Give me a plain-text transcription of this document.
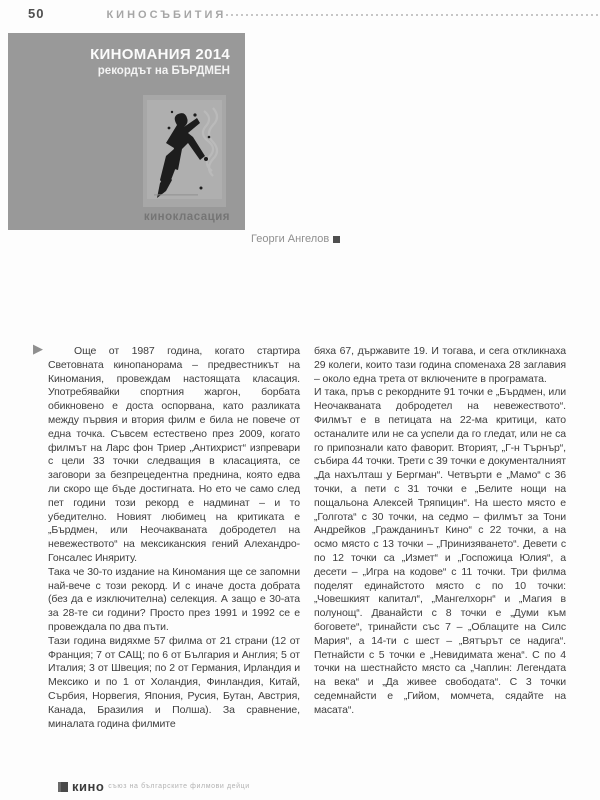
50	КИНОСЪБИТИЯ
КИНОМАНИЯ 2014
рекордът на БЪРДМЕН
кинокласация
Георги Ангелов
▶	Още от 1987 година, когато стартира Световната кинопанорама – предвестникът на Киномания, провеждам настоящата класация. Употребявайки спортния жаргон, борбата обикновено е доста оспорвана, като разликата между първия и втория филм е била не повече от една точка. Съвсем естествено през 2009, когато филмът на Ларс фон Триер „Антихрист“ изпревари с цели 33 точки следващия в класацията, се заговори за безпрецедентна преднина, която едва ли скоро ще бъде достигната. Но ето че само след пет години този рекорд е надминат – и то убедително. Новият любимец на критиката е „Бърдмен, или Неочакваната добродетел на невежеството“ на мексиканския гений Алехандро-Гонсалес Иняриту.

Така че 30-то издание на Киномания ще се запомни най-вече с този рекорд. И с иначе доста добрата (без да е изключителна) селекция. А защо е 30-ата за 28-те си години? Просто през 1991 и 1992 се е провеждала по два пъти.

Тази година видяхме 57 филма от 21 страни (12 от Франция; 7 от САЩ; по 6 от България и Англия; 5 от Италия; 3 от Швеция; по 2 от Германия, Ирландия и Мексико и по 1 от Холандия, Финландия, Китай, Сърбия, Норвегия, Япония, Русия, Бутан, Австрия, Канада, Бразилия и Полша). За сравнение, миналата година филмите

бяха 67, държавите 19. И тогава, и сега откликнаха 29 колеги, които тази година споменаха 28 заглавия – около една трета от включените в програмата.

И така, пръв с рекордните 91 точки е „Бърдмен, или Неочакваната добродетел на невежеството“. Филмът е в петицата на 22-ма критици, като останалите или не са успели да го гледат, или не са го припознали като фаворит. Вторият, „Г-н Търнър“, събира 44 точки. Трети с 39 точки е документалният „Да нахълташ у Бергман“. Четвърти е „Мамо“ с 36 точки, а пети с 31 точки е „Белите нощи на пощальона Алексей Тряпицин“. На шесто място е „Голгота“ с 30 точки, на седмо – филмът за Тони Андрейков „Гражданинът Кино“ с 22 точки, а на осмо място с 13 точки – „Принизяването“. Девети с по 12 точки са „Измет“ и „Госпожица Юлия“, а десети – „Игра на кодове“ с 11 точки. Три филма поделят единайстото място с по 10 точки: „Човешкият капитал“, „Мангелхорн“ и „Магия в полунощ“. Дванайсти с 8 точки е „Думи към боговете“, тринайсти със 7 – „Облаците на Силс Мария“, а 14-ти с шест – „Вятърът се надига“. Петнайсти с 5 точки е „Невидимата жена“. С по 4 точки на шестнайсто място са „Чаплин: Легендата на века“ и „Да живее свободата“. С 3 точки седемнайсти е „Гийом, момчета, сядайте на масата“.

кино съюз на българските филмови дейци
